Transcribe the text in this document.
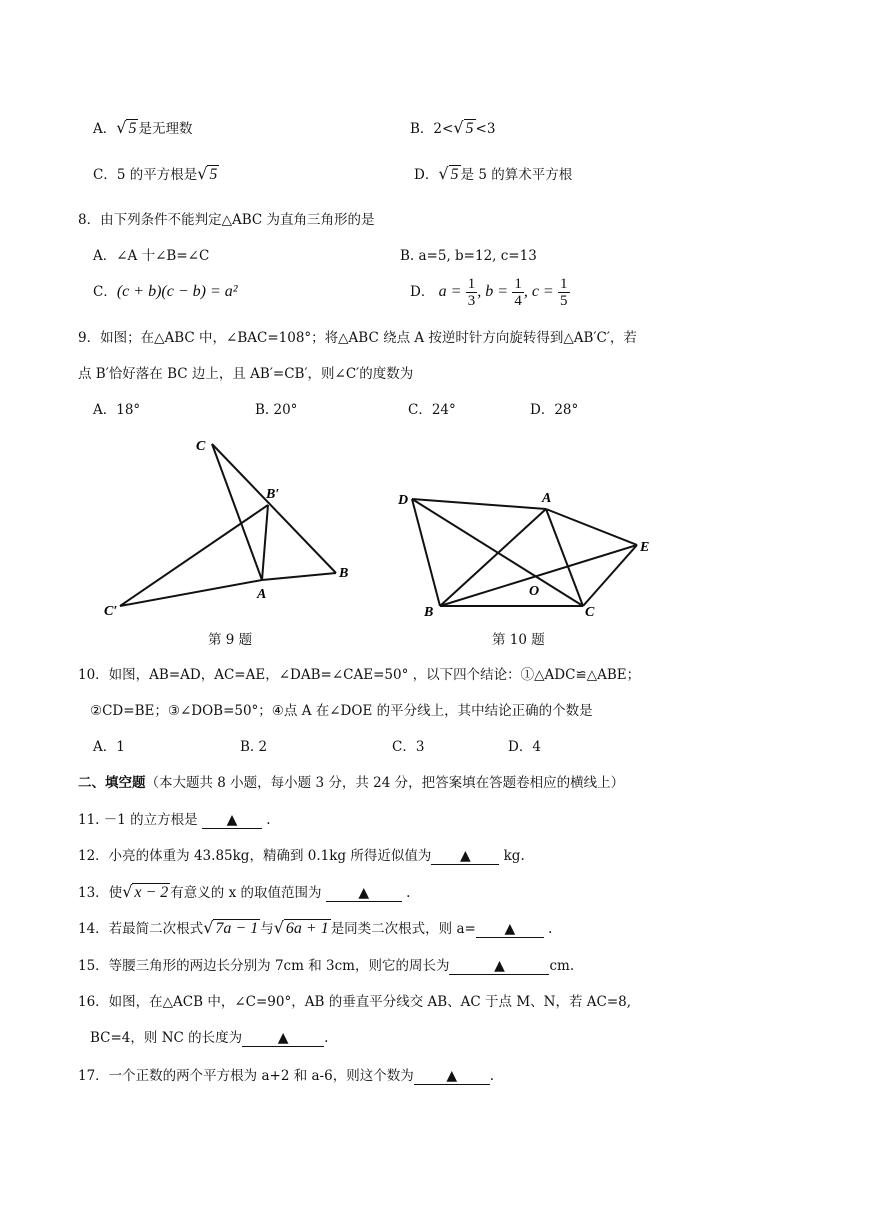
A．√ 5 是无理数	B．2<√ 5 <3
C．5 的平方根是√ 5	D．√ 5 是 5 的算术平方根
8．由下列条件不能判定△ABC 为直角三角形的是
A．∠A 十∠B=∠C	B. a=5, b=12, c=13
C．(c + b)(c − b) = a²	D． $a = \frac{1}{3}$ , $b = \frac{1}{4}$ , $c = \frac{1}{5}$
9．如图；在△ABC 中，∠BAC=108°；将△ABC 绕点 A 按逆时针方向旋转得到△AB′C′，若
点 B′恰好落在 BC 边上，且 AB′=CB′，则∠C′的度数为
A．18°	B. 20°	C．24°	D．28°
C
B′
B
A
C′
D	A
E
O
B	C
第 9 题	第 10 题
10．如图，AB=AD，AC=AE，∠DAB=∠CAE=50° ，以下四个结论：①△ADC≌△ABE；
②CD=BE；③∠DOB=50°；④点 A 在∠DOE 的平分线上，其中结论正确的个数是
A．1	B. 2	C．3	D．4
二、填空题（本大题共 8 小题，每小题 3 分，共 24 分，把答案填在答题卷相应的横线上）
11. －1 的立方根是 ▲ .
12．小亮的体重为 43.85kg，精确到 0.1kg 所得近似值为 ▲ kg.
13．使√ x − 2 有意义的 x 的取值范围为	▲ .
14．若最简二次根式√ 7a − 1 与√ 6a + 1 是同类二次根式，则 a= ▲ .
15．等腰三角形的两边长分别为 7cm 和 3cm，则它的周长为	▲	cm.
16．如图，在△ACB 中，∠C=90°，AB 的垂直平分线交 AB、AC 于点 M、N，若 AC=8,
BC=4，则 NC 的长度为	▲	.
17．一个正数的两个平方根为 a+2 和 a-6，则这个数为 ▲ .
